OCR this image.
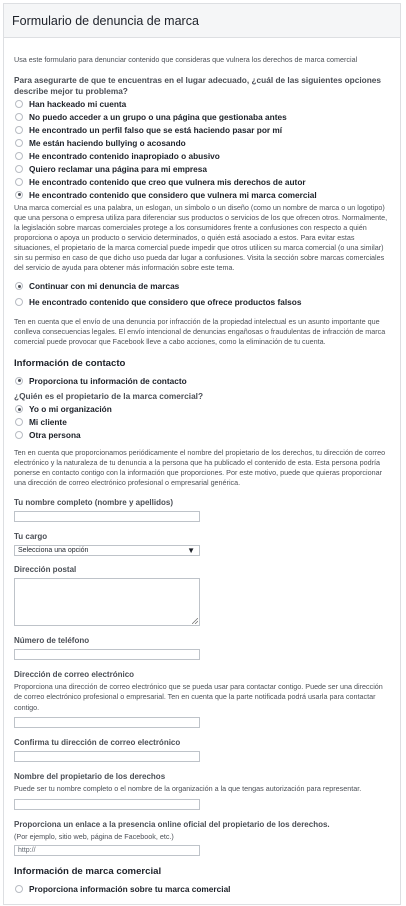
Formulario de denuncia de marca
Usa este formulario para denunciar contenido que consideras que vulnera los derechos de marca comercial
Para asegurarte de que te encuentras en el lugar adecuado, ¿cuál de las siguientes opciones describe mejor tu problema?
Han hackeado mi cuenta
No puedo acceder a un grupo o una página que gestionaba antes
He encontrado un perfil falso que se está haciendo pasar por mí
Me están haciendo bullying o acosando
He encontrado contenido inapropiado o abusivo
Quiero reclamar una página para mi empresa
He encontrado contenido que creo que vulnera mis derechos de autor
He encontrado contenido que considero que vulnera mi marca comercial
Una marca comercial es una palabra, un eslogan, un símbolo o un diseño (como un nombre de marca o un logotipo) que una persona o empresa utiliza para diferenciar sus productos o servicios de los que ofrecen otros. Normalmente, la legislación sobre marcas comerciales protege a los consumidores frente a confusiones con respecto a quién proporciona o apoya un producto o servicio determinados, o quién está asociado a estos. Para evitar estas situaciones, el propietario de la marca comercial puede impedir que otros utilicen su marca comercial (o una similar) sin su permiso en caso de que dicho uso pueda dar lugar a confusiones. Visita la sección sobre marcas comerciales del servicio de ayuda para obtener más información sobre este tema.
Continuar con mi denuncia de marcas
He encontrado contenido que considero que ofrece productos falsos
Ten en cuenta que el envío de una denuncia por infracción de la propiedad intelectual es un asunto importante que conlleva consecuencias legales. El envío intencional de denuncias engañosas o fraudulentas de infracción de marca comercial puede provocar que Facebook lleve a cabo acciones, como la eliminación de tu cuenta.
Información de contacto
Proporciona tu información de contacto
¿Quién es el propietario de la marca comercial?
Yo o mi organización
Mi cliente
Otra persona
Ten en cuenta que proporcionamos periódicamente el nombre del propietario de los derechos, tu dirección de correo electrónico y la naturaleza de tu denuncia a la persona que ha publicado el contenido de esta. Esta persona podría ponerse en contacto contigo con la información que proporciones. Por este motivo, puede que quieras proporcionar una dirección de correo electrónico profesional o empresarial genérica.
Tu nombre completo (nombre y apellidos)
Tu cargo
Selecciona una opción	▼
Dirección postal
Número de teléfono
Dirección de correo electrónico
Proporciona una dirección de correo electrónico que se pueda usar para contactar contigo. Puede ser una dirección de correo electrónico profesional o empresarial. Ten en cuenta que la parte notificada podrá usarla para contactar contigo.
Confirma tu dirección de correo electrónico
Nombre del propietario de los derechos
Puede ser tu nombre completo o el nombre de la organización a la que tengas autorización para representar.
Proporciona un enlace a la presencia online oficial del propietario de los derechos.
(Por ejemplo, sitio web, página de Facebook, etc.)
http://
Información de marca comercial
Proporciona información sobre tu marca comercial
